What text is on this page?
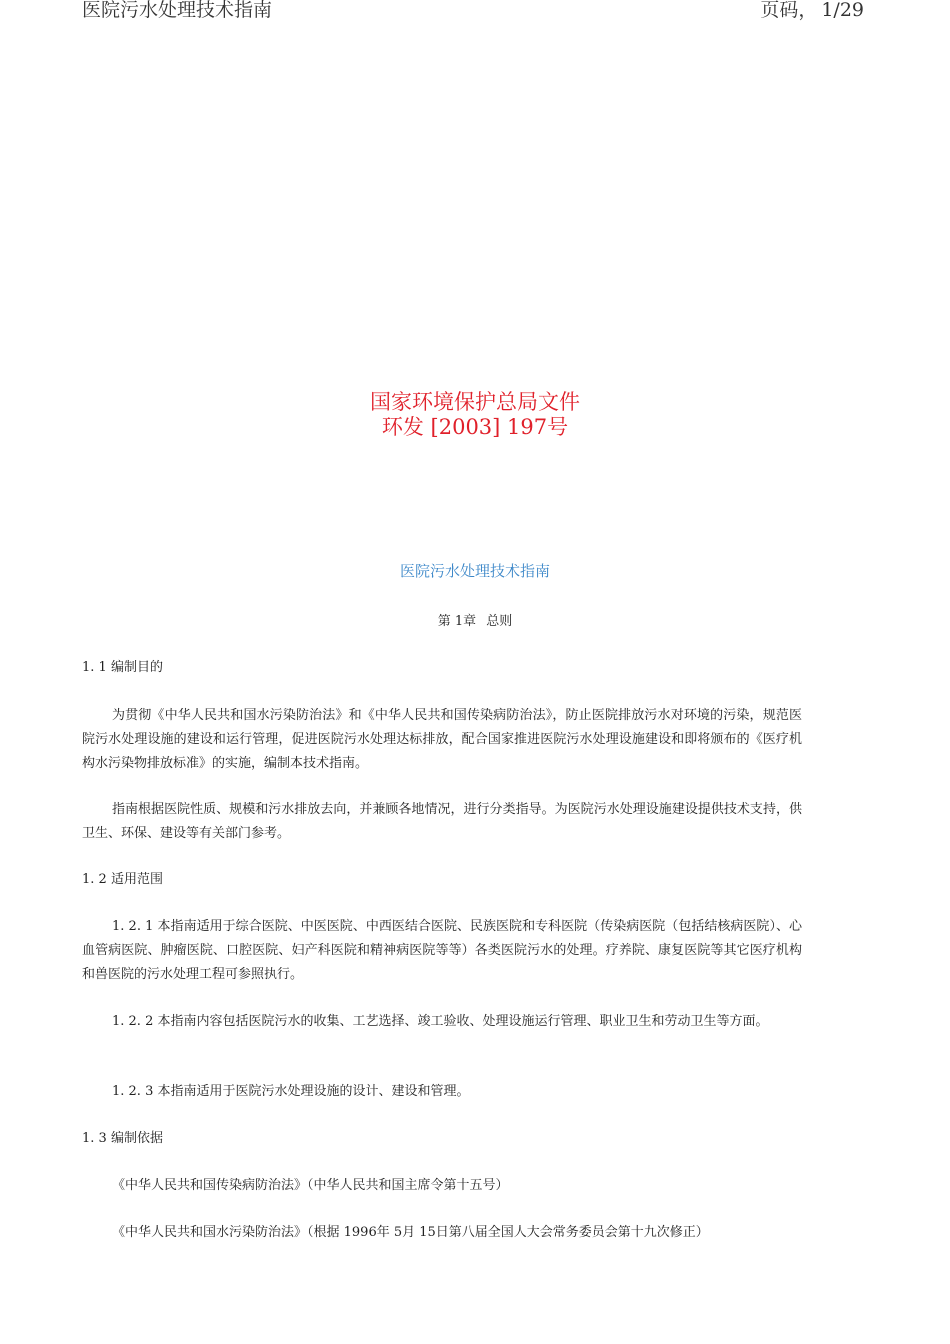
医院污水处理技术指南	页码， 1/29
国家环境保护总局文件
环发 [2003] 197号
医院污水处理技术指南
第 1章 总则

1. 1 编制目的

为贯彻《中华人民共和国水污染防治法》和《中华人民共和国传染病防治法》，防止医院排放污水对环境的污染，规范医院污水处理设施的建设和运行管理，促进医院污水处理达标排放，配合国家推进医院污水处理设施建设和即将颁布的《医疗机构水污染物排放标准》的实施，编制本技术指南。

指南根据医院性质、规模和污水排放去向，并兼顾各地情况，进行分类指导。为医院污水处理设施建设提供技术支持，供卫生、环保、建设等有关部门参考。

1. 2 适用范围

1. 2. 1 本指南适用于综合医院、中医医院、中西医结合医院、民族医院和专科医院（传染病医院（包括结核病医院）、心血管病医院、肿瘤医院、口腔医院、妇产科医院和精神病医院等等）各类医院污水的处理。疗养院、康复医院等其它医疗机构和兽医院的污水处理工程可参照执行。

1. 2. 2 本指南内容包括医院污水的收集、工艺选择、竣工验收、处理设施运行管理、职业卫生和劳动卫生等方面。

1. 2. 3 本指南适用于医院污水处理设施的设计、建设和管理。

1. 3 编制依据

《中华人民共和国传染病防治法》（中华人民共和国主席令第十五号）

《中华人民共和国水污染防治法》（根据 1996年 5月 15日第八届全国人大会常务委员会第十九次修正）
